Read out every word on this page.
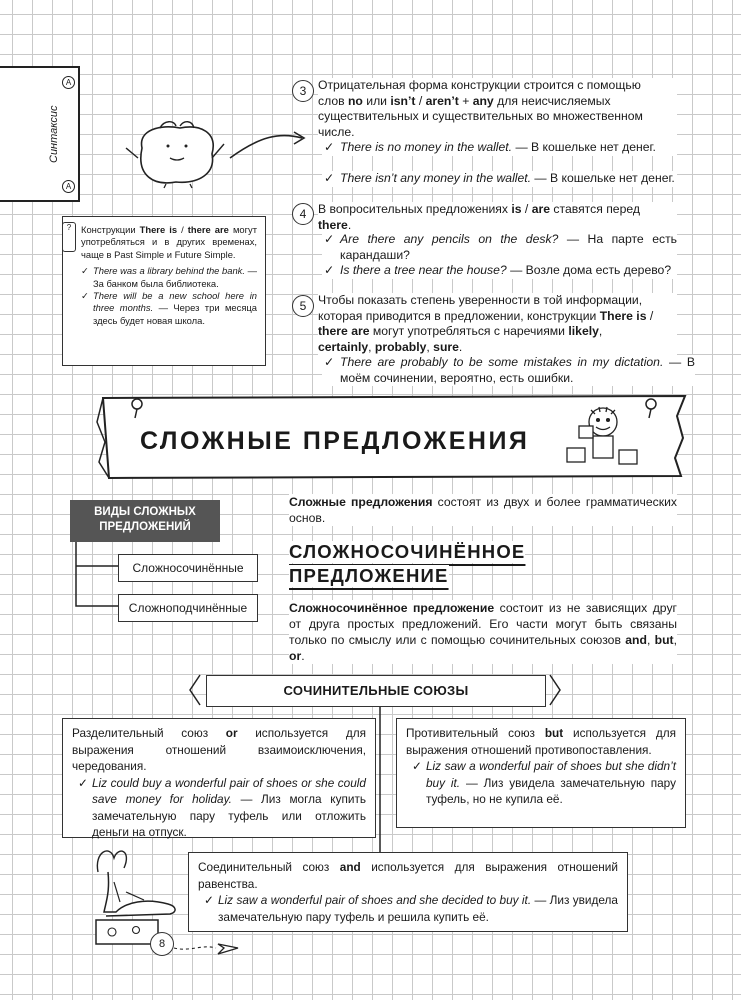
А
Синтаксис
А
3 Отрицательная форма конструкции строится с помощью
слов no или isn’t / aren’t + any для неисчисляемых
существительных и существительных во множественном
числе.
✓ There is no money in the wallet. — В кошельке нет денег.
✓ There isn’t any money in the wallet. — В кошельке нет денег.
4 В вопросительных предложениях is / are ставятся перед
there.
✓ Are there any pencils on the desk? — На парте есть карандаши?
✓ Is there a tree near the house? — Возле дома есть дерево?
5 Чтобы показать степень уверенности в той информации,
которая приводится в предложении, конструкции There is /
there are могут употребляться с наречиями likely,
certainly, probably, sure.
✓ There are probably to be some mistakes in my dictation. — В моём сочинении, вероятно, есть ошибки.
Конструкции There is / there are могут употребляться и в других временах, чаще в Past Simple и Future Simple.
✓ There was a library behind the bank. — За банком была библиотека.
✓ There will be a new school here in three months. — Через три месяца здесь будет новая школа.
?
СЛОЖНЫЕ ПРЕДЛОЖЕНИЯ
ВИДЫ СЛОЖНЫХ
ПРЕДЛОЖЕНИЙ
Сложносочинённые
Сложноподчинённые
Сложные предложения состоят из двух и более грамматических основ.
СЛОЖНОСОЧИНЁННОЕ
ПРЕДЛОЖЕНИЕ
Сложносочинённое предложение состоит из не зависящих друг от друга простых предложений. Его части могут быть связаны только по смыслу или с помощью сочинительных союзов and, but, or.
СОЧИНИТЕЛЬНЫЕ СОЮЗЫ
Разделительный союз or используется для выражения отношений взаимоисключения, чередования.
✓ Liz could buy a wonderful pair of shoes or she could save money for holiday. — Лиз могла купить замечательную пару туфель или отложить деньги на отпуск.
Противительный союз but используется для выражения отношений противопоставления.
✓ Liz saw a wonderful pair of shoes but she didn’t buy it. — Лиз увидела замечательную пару туфель, но не купила её.
Соединительный союз and используется для выражения отношений равенства.
✓ Liz saw a wonderful pair of shoes and she decided to buy it. — Лиз увидела замечательную пару туфель и решила купить её.
8
